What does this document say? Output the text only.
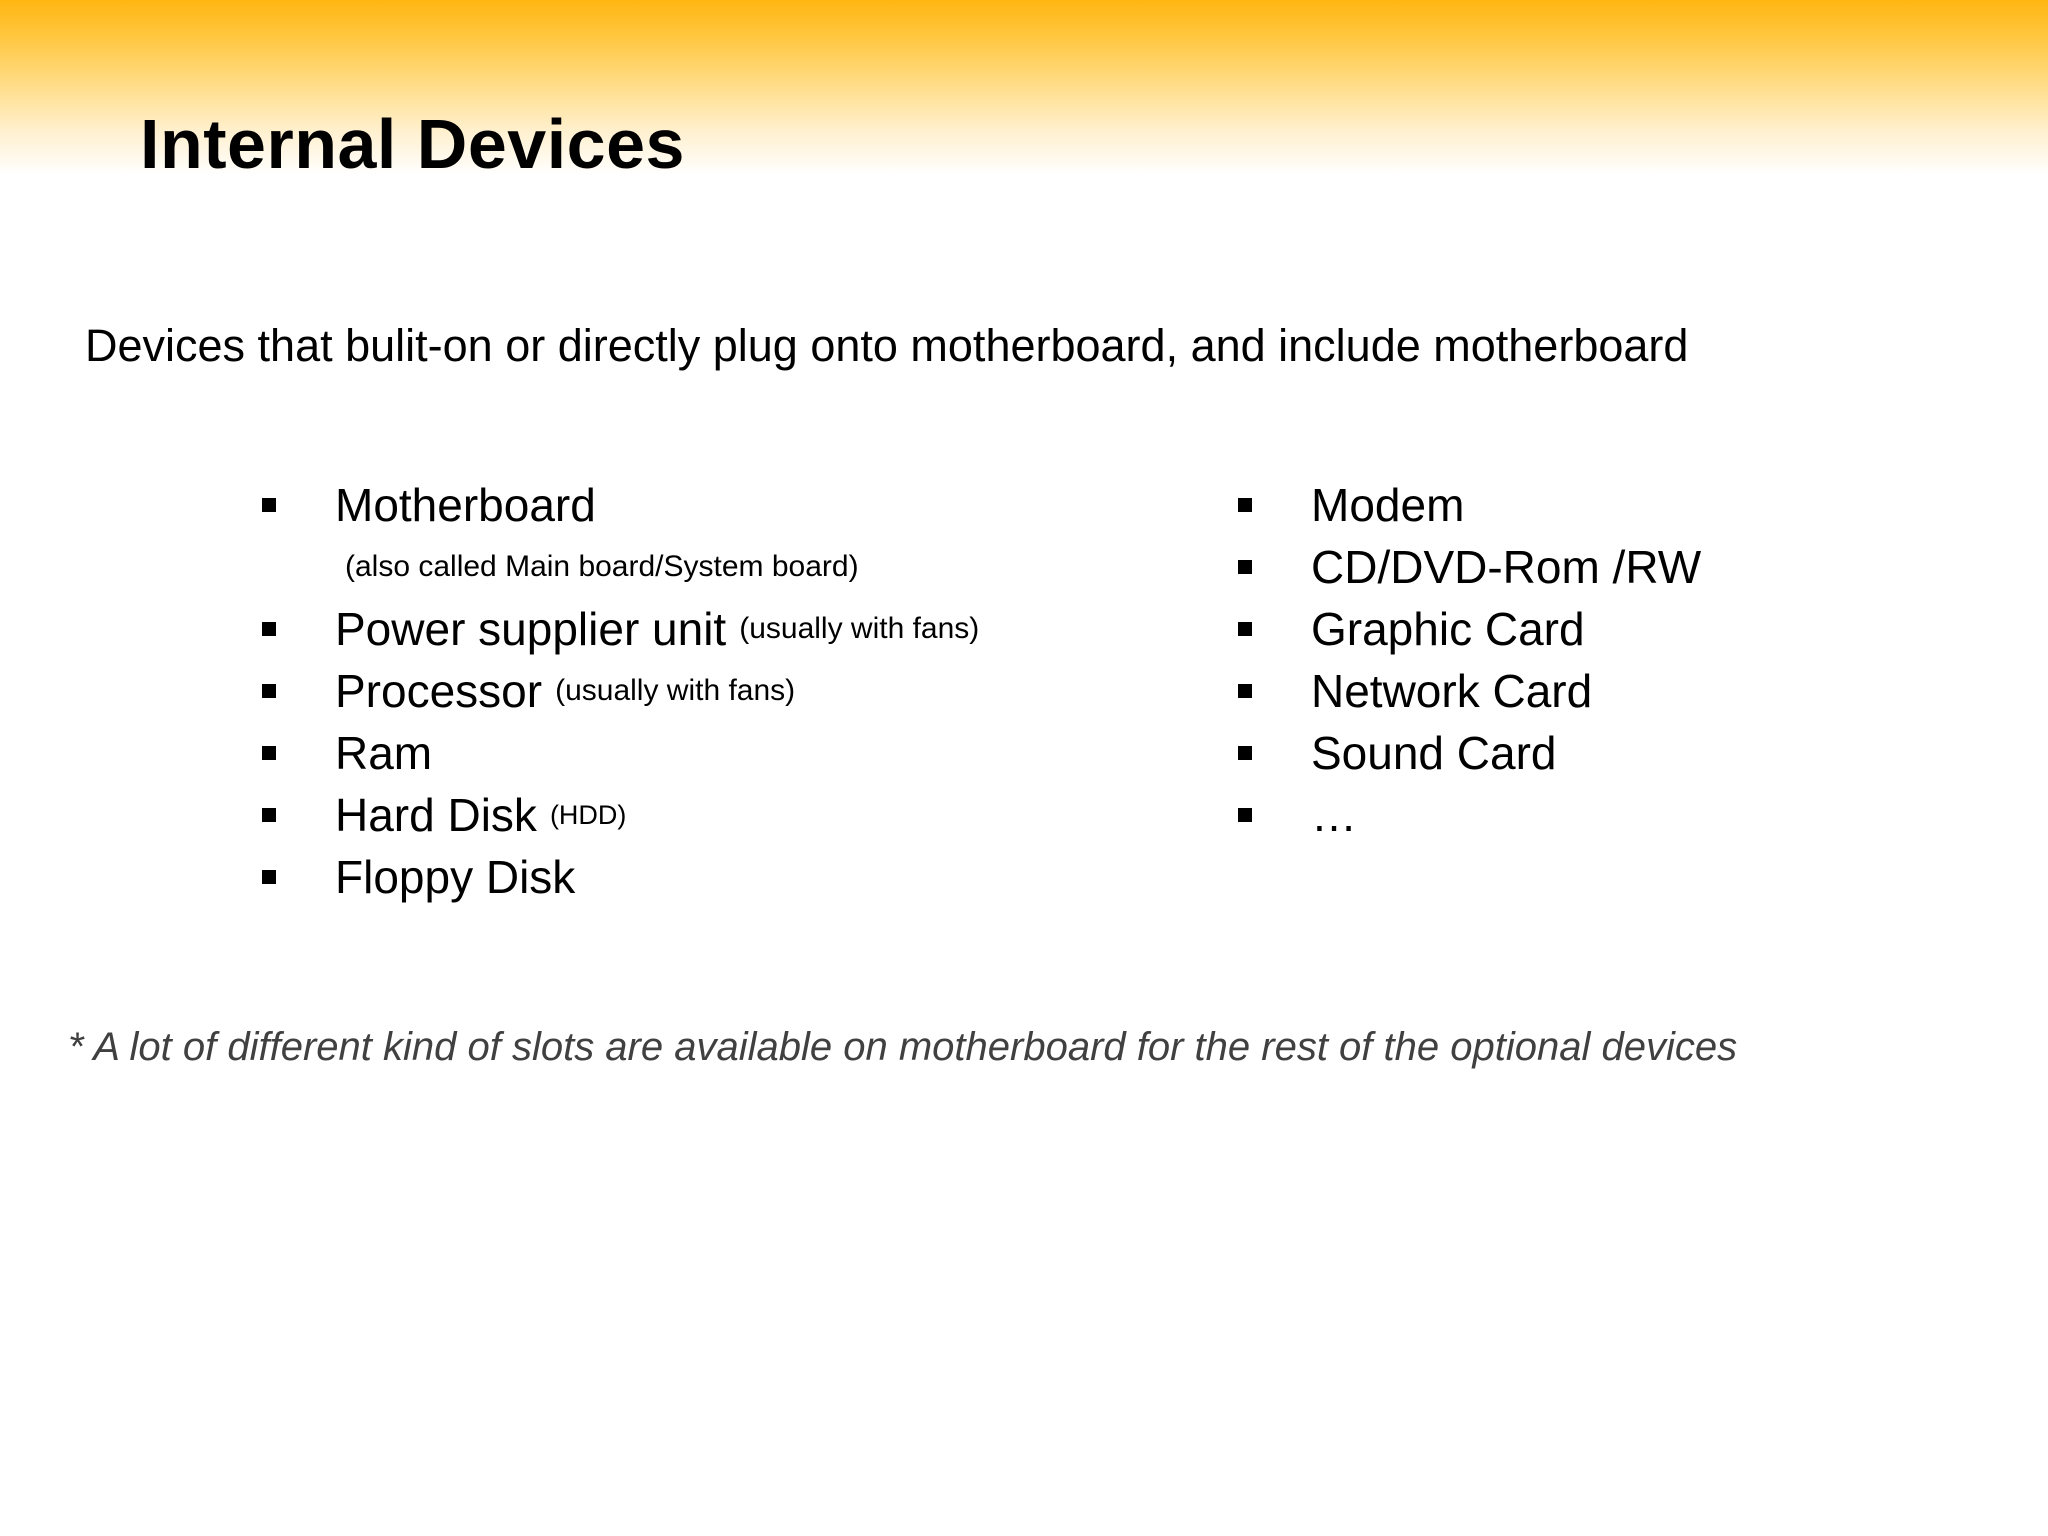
Internal Devices
Devices that bulit-on or directly plug onto motherboard, and include motherboard
Motherboard
(also called Main board/System board)
Power supplier unit (usually with fans)
Processor (usually with fans)
Ram
Hard Disk (HDD)
Floppy Disk
Modem
CD/DVD-Rom /RW
Graphic Card
Network Card
Sound Card
…
* A lot of different kind of slots are available on motherboard for the rest of the optional devices
